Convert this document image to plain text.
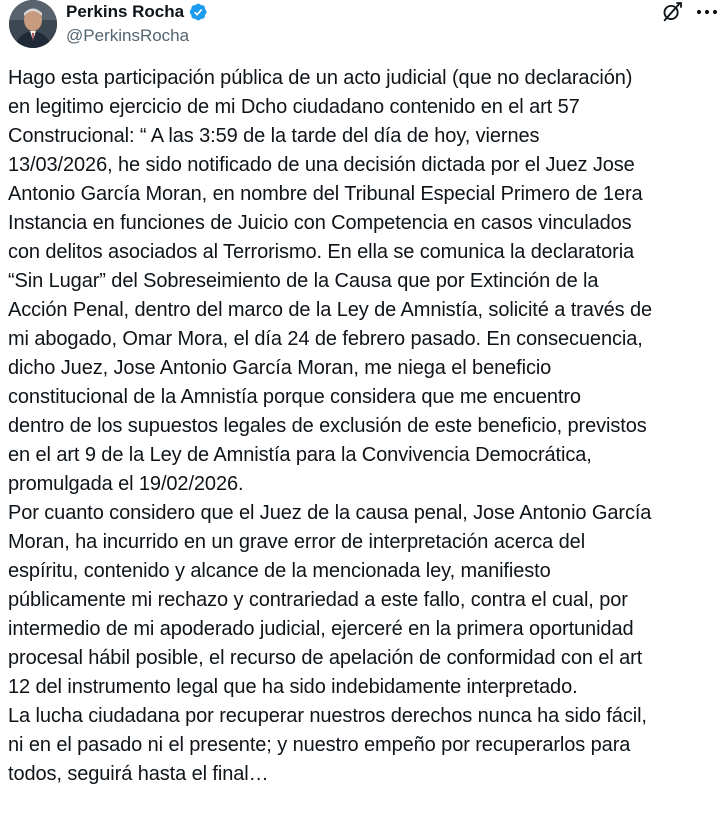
Perkins Rocha
@PerkinsRocha
Hago esta participación pública de un acto judicial (que no declaración)
en legitimo ejercicio de mi Dcho ciudadano contenido en el art 57
Construcional: “ A las 3:59 de la tarde del día de hoy, viernes
13/03/2026, he sido notificado de una decisión dictada por el Juez Jose
Antonio García Moran, en nombre del Tribunal Especial Primero de 1era
Instancia en funciones de Juicio con Competencia en casos vinculados
con delitos asociados al Terrorismo. En ella se comunica la declaratoria
“Sin Lugar” del Sobreseimiento de la Causa que por Extinción de la
Acción Penal, dentro del marco de la Ley de Amnistía, solicité a través de
mi abogado, Omar Mora, el día 24 de febrero pasado. En consecuencia,
dicho Juez, Jose Antonio García Moran, me niega el beneficio
constitucional de la Amnistía porque considera que me encuentro
dentro de los supuestos legales de exclusión de este beneficio, previstos
en el art 9 de la Ley de Amnistía para la Convivencia Democrática,
promulgada el 19/02/2026.
Por cuanto considero que el Juez de la causa penal, Jose Antonio García
Moran, ha incurrido en un grave error de interpretación acerca del
espíritu, contenido y alcance de la mencionada ley, manifiesto
públicamente mi rechazo y contrariedad a este fallo, contra el cual, por
intermedio de mi apoderado judicial, ejerceré en la primera oportunidad
procesal hábil posible, el recurso de apelación de conformidad con el art
12 del instrumento legal que ha sido indebidamente interpretado.
La lucha ciudadana por recuperar nuestros derechos nunca ha sido fácil,
ni en el pasado ni el presente; y nuestro empeño por recuperarlos para
todos, seguirá hasta el final…
